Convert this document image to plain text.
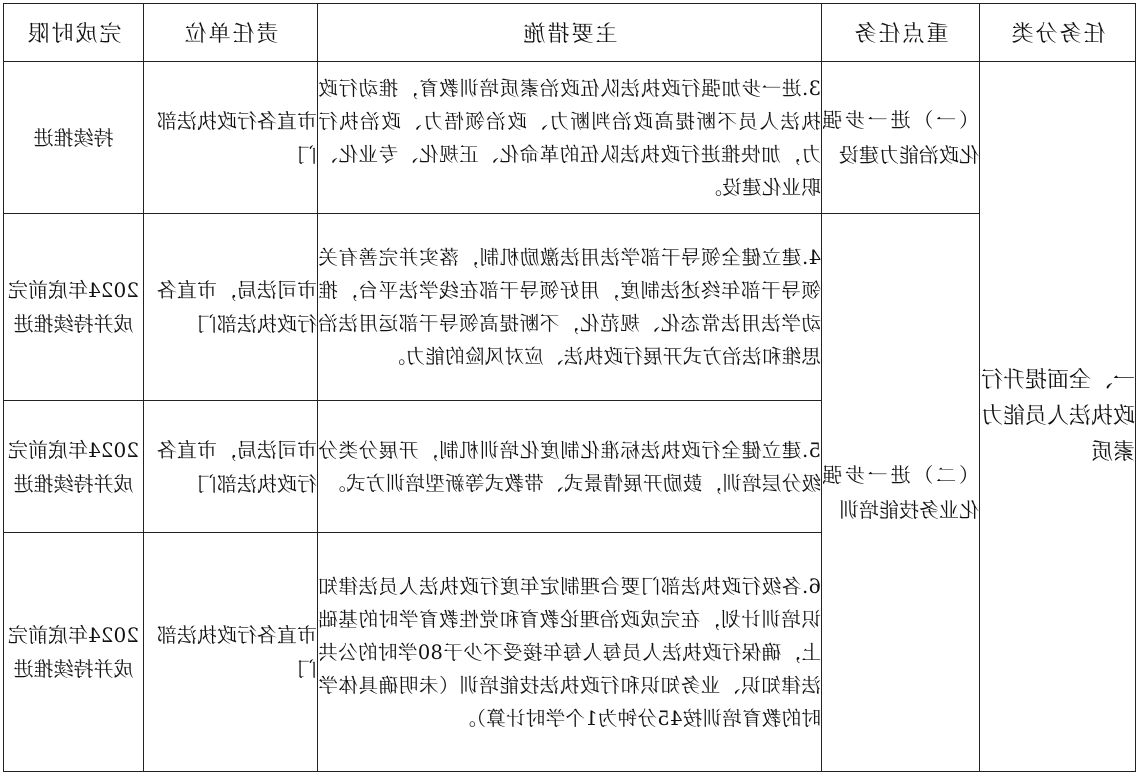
任务分类	重点任务	主要措施	责任单位	完成时限
一、全面提升行政执法人员能力素质	（一）进一步强化政治能力建设	3.进一步加强行政执法队伍政治素质培训教育，推动行政执法人员不断提高政治判断力、政治领悟力、政治执行力，加快推进行政执法队伍的革命化、正规化、专业化、职业化建设。	市直各行政执法部门	持续推进
	（二）进一步强化业务技能培训	4.建立健全领导干部学法用法激励机制，落实并完善有关领导干部年终述法制度，用好领导干部在线学法平台，推动学法用法常态化、规范化，不断提高领导干部运用法治思维和法治方式开展行政执法、应对风险的能力。	市司法局，市直各行政执法部门	2024年底前完成并持续推进
		5.建立健全行政执法标准化制度化培训机制，开展分类分级分层培训，鼓励开展情景式、带教式等新型培训方式。	市司法局，市直各行政执法部门	2024年底前完成并持续推进
		6.各级行政执法部门要合理制定年度行政执法人员法律知识培训计划，在完成政治理论教育和党性教育学时的基础上，确保行政执法人员每人每年接受不少于80学时的公共法律知识、业务知识和行政执法技能培训（未明确具体学时的教育培训按45分钟为1个学时计算）。	市直各行政执法部门	2024年底前完成并持续推进
